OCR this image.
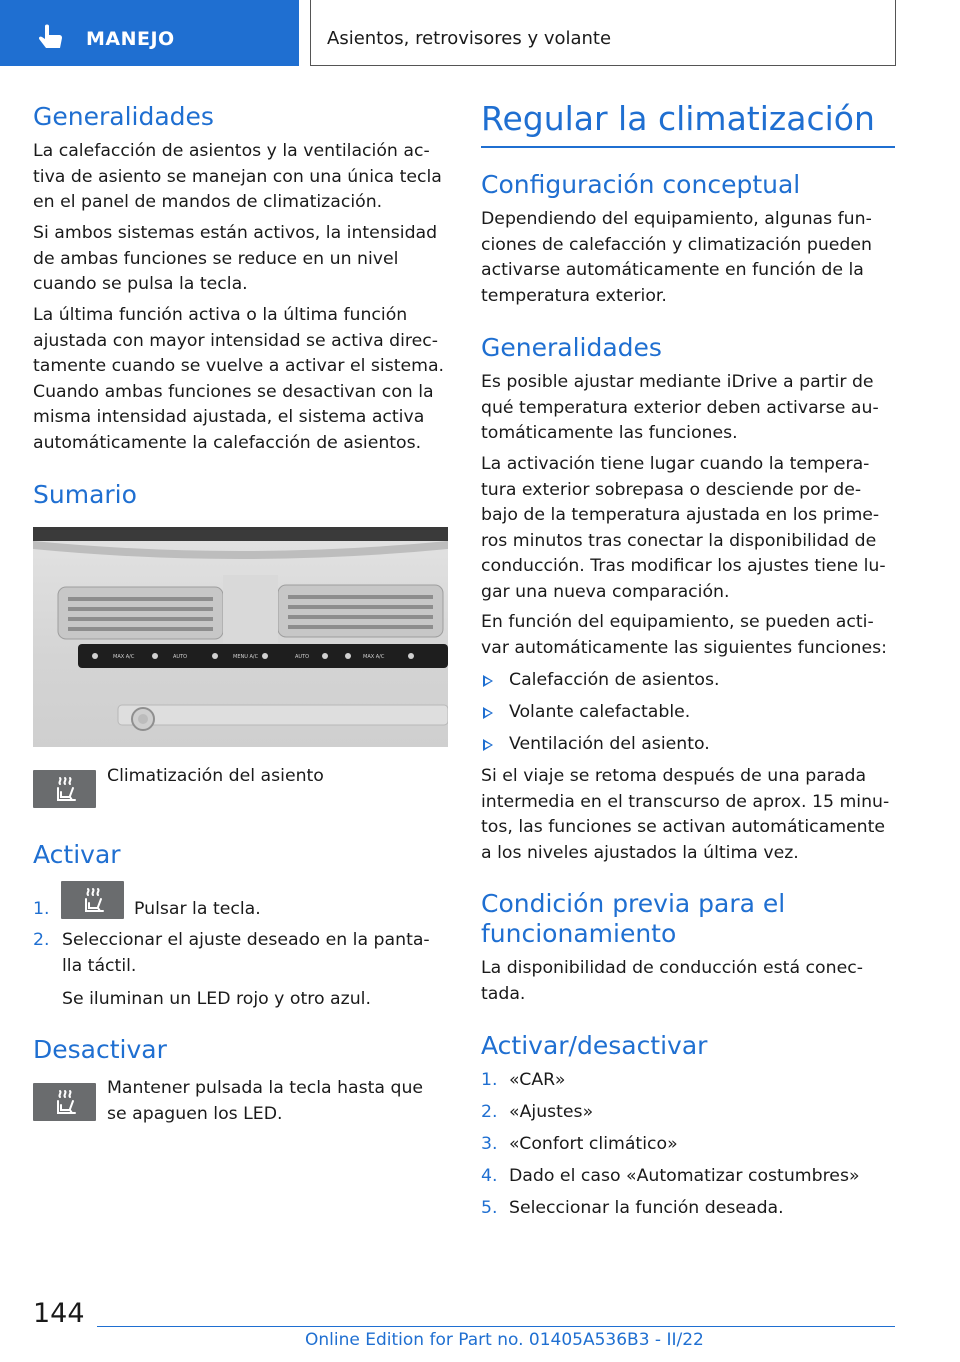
MANEJO	Asientos, retrovisores y volante
Generalidades
La calefacción de asientos y la ventilación ac-tiva de asiento se manejan con una única tecla en el panel de mandos de climatización.
Si ambos sistemas están activos, la intensidad de ambas funciones se reduce en un nivel cuando se pulsa la tecla.
La última función activa o la última función ajustada con mayor intensidad se activa direc-tamente cuando se vuelve a activar el sistema. Cuando ambas funciones se desactivan con la misma intensidad ajustada, el sistema activa automáticamente la calefacción de asientos.
Sumario
MAX A/C	AUTO	MENU A/C	AUTO	MAX A/C
Climatización del asiento
Activar
1.	Pulsar la tecla.
2. Seleccionar el ajuste deseado en la panta-lla táctil.
Se iluminan un LED rojo y otro azul.
Desactivar
Mantener pulsada la tecla hasta que se apaguen los LED.
Regular la climatización
Configuración conceptual
Dependiendo del equipamiento, algunas fun-ciones de calefacción y climatización pueden activarse automáticamente en función de la temperatura exterior.
Generalidades
Es posible ajustar mediante iDrive a partir de qué temperatura exterior deben activarse au-tomáticamente las funciones.
La activación tiene lugar cuando la tempera-tura exterior sobrepasa o desciende por de-bajo de la temperatura ajustada en los prime-ros minutos tras conectar la disponibilidad de conducción. Tras modificar los ajustes tiene lu-gar una nueva comparación.
En función del equipamiento, se pueden acti-var automáticamente las siguientes funciones:
Calefacción de asientos.
Volante calefactable.
Ventilación del asiento.
Si el viaje se retoma después de una parada intermedia en el transcurso de aprox. 15 minu-tos, las funciones se activan automáticamente a los niveles ajustados la última vez.
Condición previa para el
funcionamiento
La disponibilidad de conducción está conec-tada.
Activar/desactivar
1. «CAR»
2. «Ajustes»
3. «Confort climático»
4. Dado el caso «Automatizar costumbres»
5. Seleccionar la función deseada.
144
Online Edition for Part no. 01405A536B3 - II/22
